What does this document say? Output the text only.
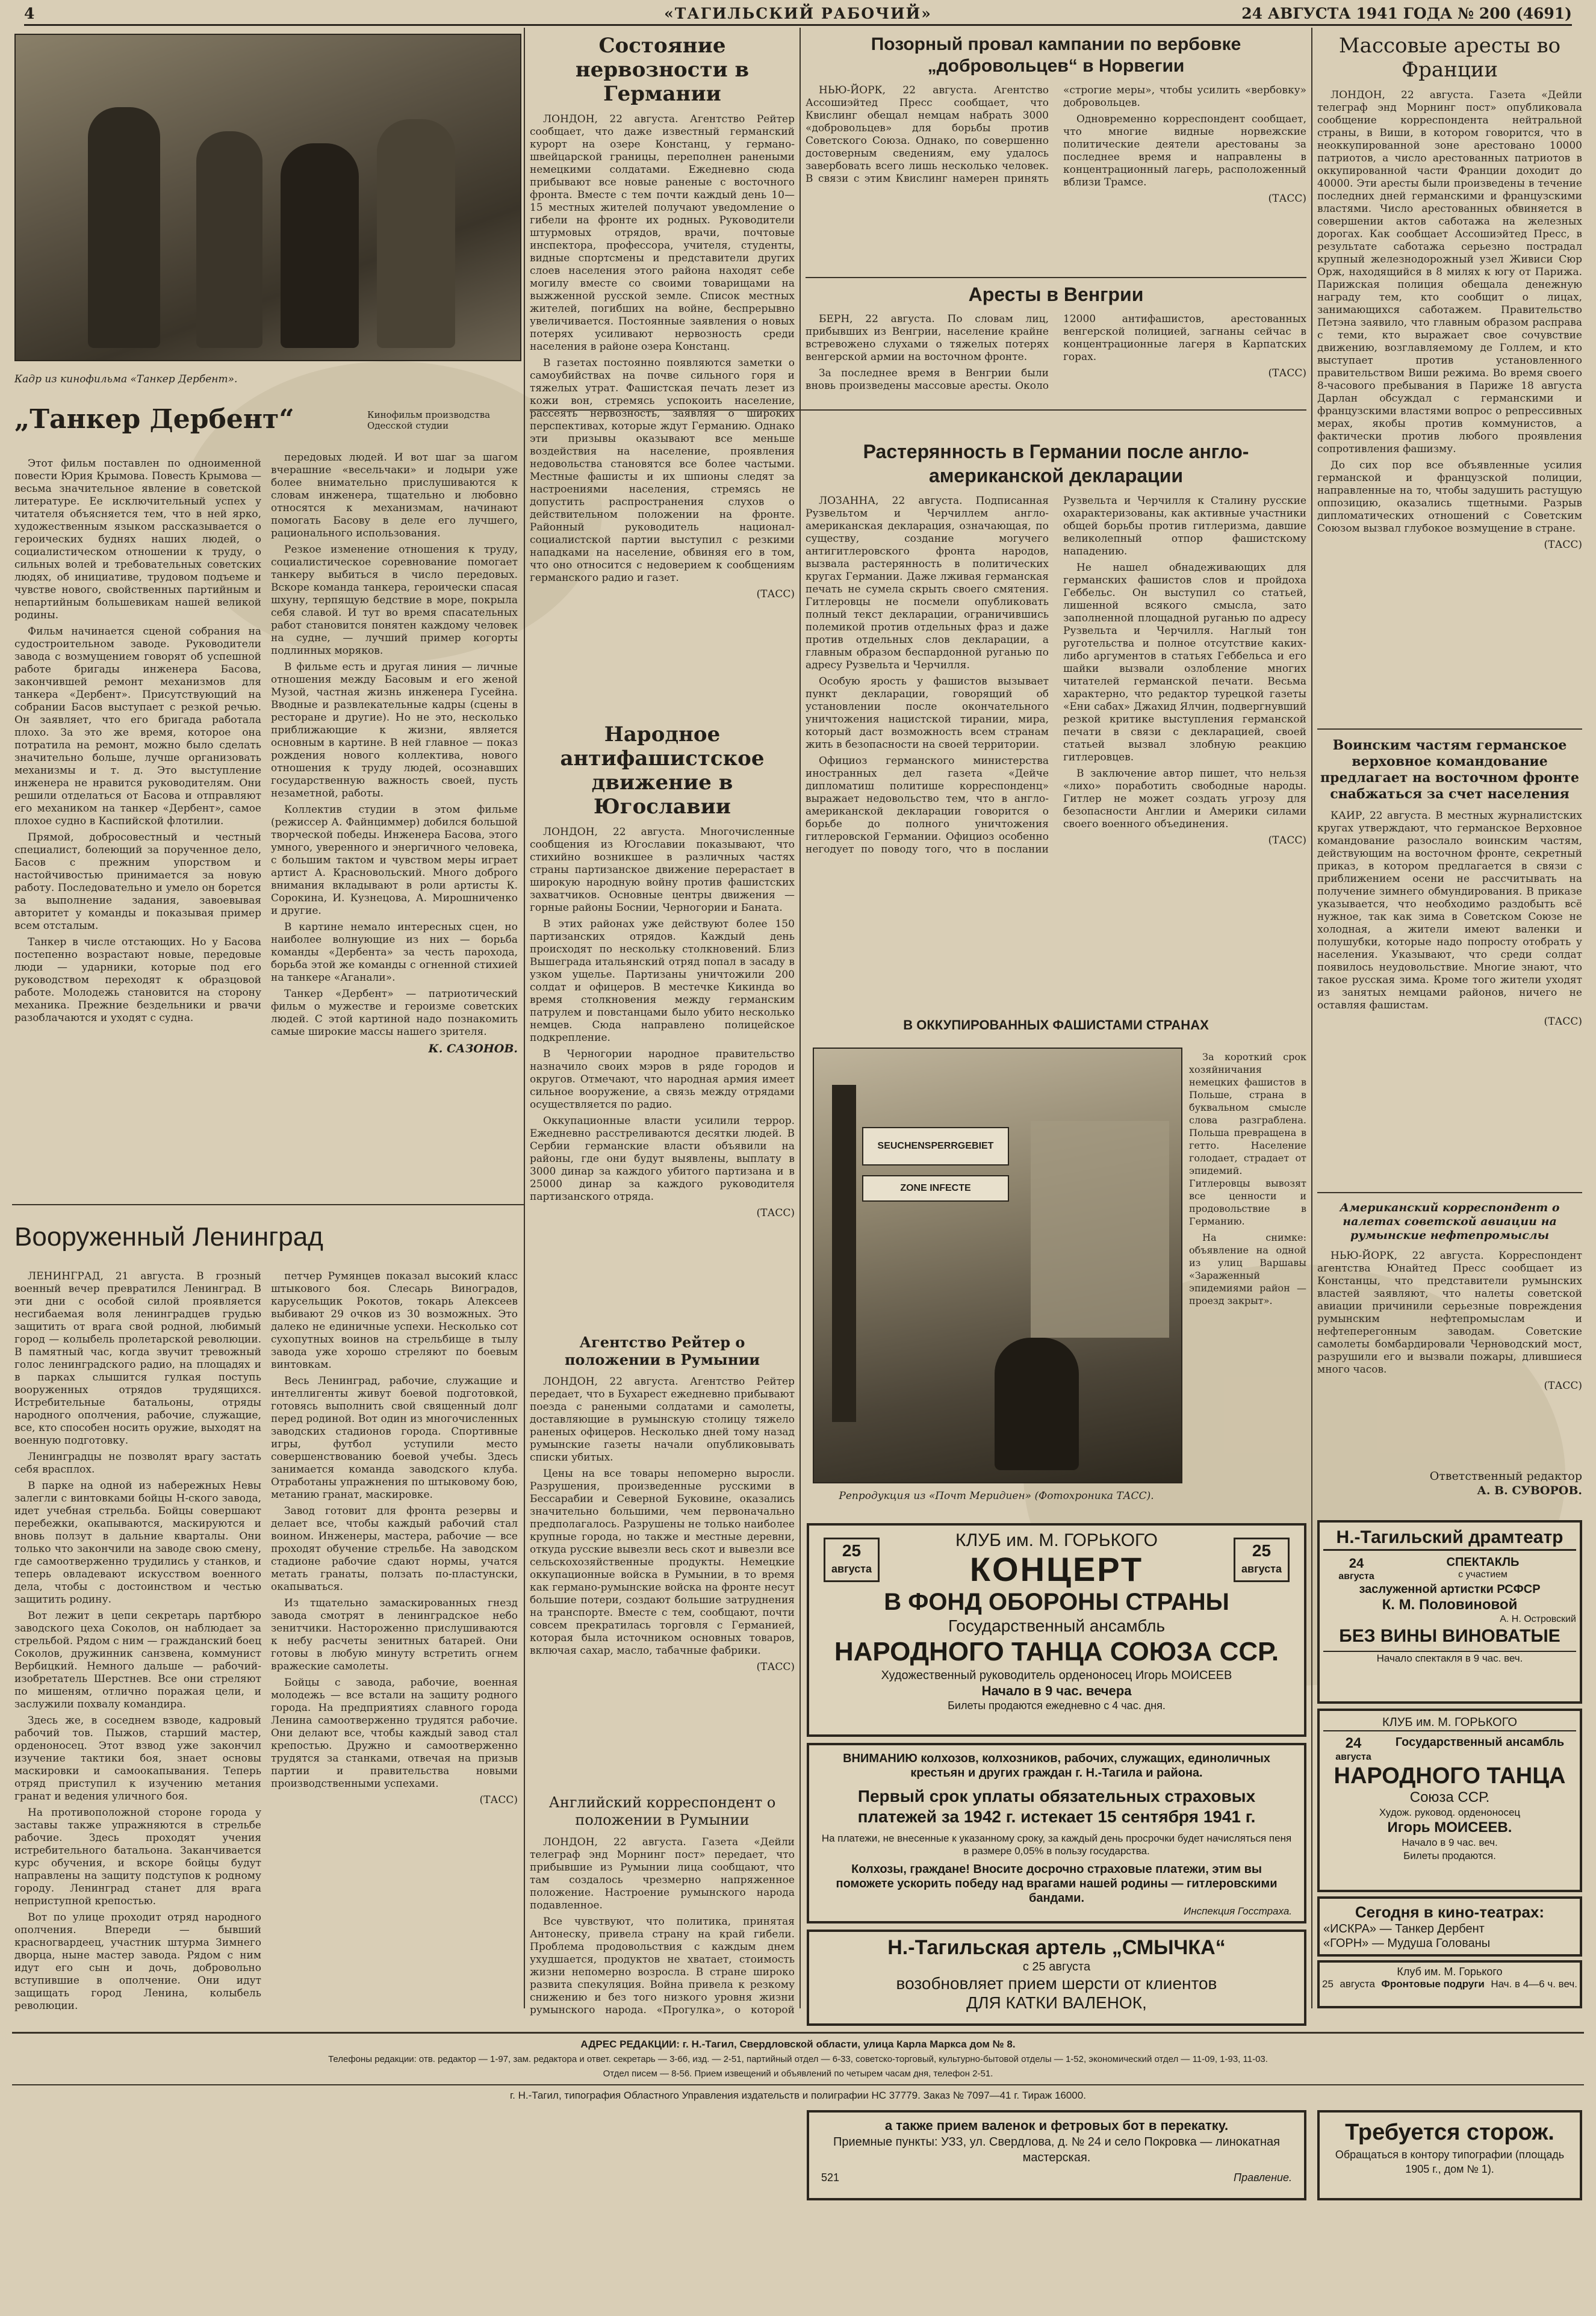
4	«ТАГИЛЬСКИЙ РАБОЧИЙ»	24 АВГУСТА 1941 ГОДА № 200 (4691)
Кадр из кинофильма «Танкер Дербент».
„Танкер Дербент“	Кинофильм производства Одесской студии

Этот фильм поставлен по одноименной повести Юрия Крымова. Повесть Крымова — весьма значительное явление в советской литературе. Ее исключительный успех у читателя объясняется тем, что в ней ярко, художественным языком рассказывается о героических буднях наших людей, о социалистическом отношении к труду, о сильных волей и требовательных советских людях, об инициативе, трудовом подъеме и чувстве нового, свойственных партийным и непартийным большевикам нашей великой родины.

Фильм начинается сценой собрания на судостроительном заводе. Руководители завода с возмущением говорят об успешной работе бригады инженера Басова, закончившей ремонт механизмов для танкера «Дербент». Присутствующий на собрании Басов выступает с резкой речью. Он заявляет, что его бригада работала плохо. За это же время, которое она потратила на ремонт, можно было сделать значительно больше, лучше организовать механизмы и т. д. Это выступление инженера не нравится руководителям. Они решили отделаться от Басова и отправляют его механиком на танкер «Дербент», самое плохое судно в Каспийской флотилии.

Прямой, добросовестный и честный специалист, болеющий за порученное дело, Басов с прежним упорством и настойчивостью принимается за новую работу. Последовательно и умело он борется за выполнение задания, завоевывая авторитет у команды и показывая пример всем отсталым.

Танкер в числе отстающих. Но у Басова постепенно возрастают новые, передовые люди — ударники, которые под его руководством переходят к образцовой работе. Молодежь становится на сторону механика. Прежние бездельники и рвачи разоблачаются и уходят с судна.

передовых людей. И вот шаг за шагом вчерашние «весельчаки» и лодыри уже более внимательно прислушиваются к словам инженера, тщательно и любовно относятся к механизмам, начинают помогать Басову в деле его лучшего, рационального использования.

Резкое изменение отношения к труду, социалистическое соревнование помогает танкеру выбиться в число передовых. Вскоре команда танкера, героически спасая шхуну, терпящую бедствие в море, покрыла себя славой. И тут во время спасательных работ становится понятен каждому человек на судне, — лучший пример когорты подлинных моряков.

В фильме есть и другая линия — личные отношения между Басовым и его женой Музой, частная жизнь инженера Гусейна. Вводные и развлекательные кадры (сцены в ресторане и другие). Но не это, несколько приближающие к жизни, является основным в картине. В ней главное — показ рождения нового коллектива, нового отношения к труду людей, осознавших государственную важность своей, пусть незаметной, работы.

Коллектив студии в этом фильме (режиссер А. Файнциммер) добился большой творческой победы. Инженера Басова, этого умного, уверенного и энергичного человека, с большим тактом и чувством меры играет артист А. Красновольский. Много доброго внимания вкладывают в роли артисты К. Сорокина, И. Кузнецова, А. Мирошниченко и другие.

В картине немало интересных сцен, но наиболее волнующие из них — борьба команды «Дербента» за честь парохода, борьба этой же команды с огненной стихией на танкере «Аганали».

Танкер «Дербент» — патриотический фильм о мужестве и героизме советских людей. С этой картиной надо познакомить самые широкие массы нашего зрителя.

К. САЗОНОВ.
Состояние нервозности в Германии

ЛОНДОН, 22 августа. Агентство Рейтер сообщает, что даже известный германский курорт на озере Констанц, у германо-швейцарской границы, переполнен ранеными немецкими солдатами. Ежедневно сюда прибывают все новые раненые с восточного фронта. Вместе с тем почти каждый день 10—15 местных жителей получают уведомление о гибели на фронте их родных. Руководители штурмовых отрядов, врачи, почтовые инспектора, профессора, учителя, студенты, видные спортсмены и представители других слоев населения этого района находят себе могилу вместе со своими товарищами на выжженной русской земле. Список местных жителей, погибших на войне, беспрерывно увеличивается. Постоянные заявления о новых потерях усиливают нервозность среди населения в районе озера Констанц.

В газетах постоянно появляются заметки о самоубийствах на почве сильного горя и тяжелых утрат. Фашистская печать лезет из кожи вон, стремясь успокоить население, рассеять нервозность, заявляя о широких перспективах, которые ждут Германию. Однако эти призывы оказывают все меньше воздействия на население, проявления недовольства становятся все более частыми. Местные фашисты и их шпионы следят за настроениями населения, стремясь не допустить распространения слухов о действительном положении на фронте. Районный руководитель национал-социалистской партии выступил с резкими нападками на население, обвиняя его в том, что оно относится с недоверием к сообщениям германского радио и газет.

(ТАСС)
Народное антифашистское движение в Югославии

ЛОНДОН, 22 августа. Многочисленные сообщения из Югославии показывают, что стихийно возникшее в различных частях страны партизанское движение перерастает в широкую народную войну против фашистских захватчиков. Основные центры движения — горные районы Боснии, Черногории и Баната.

В этих районах уже действуют более 150 партизанских отрядов. Каждый день происходят по нескольку столкновений. Близ Вышеграда итальянский отряд попал в засаду в узком ущелье. Партизаны уничтожили 200 солдат и офицеров. В местечке Кикинда во время столкновения между германским патрулем и повстанцами было убито несколько немцев. Сюда направлено полицейское подкрепление.

В Черногории народное правительство назначило своих мэров в ряде городов и округов. Отмечают, что народная армия имеет сильное вооружение, а связь между отрядами осуществляется по радио.

Оккупационные власти усилили террор. Ежедневно расстреливаются десятки людей. В Сербии германские власти объявили на районы, где они будут выявлены, выплату в 3000 динар за каждого убитого партизана и в 25000 динар за каждого руководителя партизанского отряда.

(ТАСС)
Агентство Рейтер о положении в Румынии

ЛОНДОН, 22 августа. Агентство Рейтер передает, что в Бухарест ежедневно прибывают поезда с ранеными солдатами и самолеты, доставляющие в румынскую столицу тяжело раненых офицеров. Несколько дней тому назад румынские газеты начали опубликовывать списки убитых.

Цены на все товары непомерно выросли. Разрушения, произведенные русскими в Бессарабии и Северной Буковине, оказались значительно большими, чем первоначально предполагалось. Разрушены не только наиболее крупные города, но также и местные деревни, откуда русские вывезли весь скот и вывезли все сельскохозяйственные продукты. Немецкие оккупационные войска в Румынии, в то время как германо-румынские войска на фронте несут большие потери, создают большие затруднения на транспорте. Вместе с тем, сообщают, почти совсем прекратилась торговля с Германией, которая была источником основных товаров, включая сахар, масло, табачные фабрики.

(ТАСС)
Английский корреспондент о положении в Румынии

ЛОНДОН, 22 августа. Газета «Дейли телеграф энд Морнинг пост» передает, что прибывшие из Румынии лица сообщают, что там создалось чрезмерно напряженное положение. Настроение румынского народа подавленное.

Все чувствуют, что политика, принятая Антонеску, привела страну на край гибели. Проблема продовольствия с каждым днем ухудшается, продуктов не хватает, стоимость жизни непомерно возросла. В стране широко развита спекуляция. Война привела к резкому снижению и без того низкого уровня жизни румынского народа. «Прогулка», о которой

Вооруженный Ленинград

ЛЕНИНГРАД, 21 августа. В грозный военный вечер превратился Ленинград. В эти дни с особой силой проявляется несгибаемая воля ленинградцев грудью защитить от врага свой родной, любимый город — колыбель пролетарской революции. В памятный час, когда звучит тревожный голос ленинградского радио, на площадях и в парках слышится гулкая поступь вооруженных отрядов трудящихся. Истребительные батальоны, отряды народного ополчения, рабочие, служащие, все, кто способен носить оружие, выходят на военную подготовку.

Ленинградцы не позволят врагу застать себя врасплох.

В парке на одной из набережных Невы залегли с винтовками бойцы Н-ского завода, идет учебная стрельба. Бойцы совершают перебежки, окапываются, маскируются и вновь ползут в дальние кварталы. Они только что закончили на заводе свою смену, где самоотверженно трудились у станков, и теперь овладевают искусством военного дела, чтобы с достоинством и честью защитить родину.

Вот лежит в цепи секретарь партбюро заводского цеха Соколов, он наблюдает за стрельбой. Рядом с ним — гражданский боец Соколов, дружинник санзвена, коммунист Вербицкий. Немного дальше — рабочий-изобретатель Шерстнев. Все они стреляют по мишеням, отлично поражая цели, и заслужили похвалу командира.

Здесь же, в соседнем взводе, кадровый рабочий тов. Пыжов, старший мастер, орденоносец. Этот взвод уже закончил изучение тактики боя, знает основы маскировки и самоокапывания. Теперь отряд приступил к изучению метания гранат и ведения уличного боя.

На противоположной стороне города у заставы также упражняются в стрельбе рабочие. Здесь проходят учения истребительного батальона. Заканчивается курс обучения, и вскоре бойцы будут направлены на защиту подступов к родному городу. Ленинград станет для врага неприступной крепостью.

Вот по улице проходит отряд народного ополчения. Впереди — бывший красногвардеец, участник штурма Зимнего дворца, ныне мастер завода. Рядом с ним идут его сын и дочь, добровольно вступившие в ополчение. Они идут защищать город Ленина, колыбель революции.

петчер Румянцев показал высокий класс штыкового боя. Слесарь Виноградов, карусельщик Рокотов, токарь Алексеев выбивают 29 очков из 30 возможных. Это далеко не единичные успехи. Несколько сот сухопутных воинов на стрельбище в тылу завода уже хорошо стреляют по боевым винтовкам.

Весь Ленинград, рабочие, служащие и интеллигенты живут боевой подготовкой, готовясь выполнить свой священный долг перед родиной. Вот один из многочисленных заводских стадионов города. Спортивные игры, футбол уступили место совершенствованию боевой учебы. Здесь занимается команда заводского клуба. Отработаны упражнения по штыковому бою, метанию гранат, маскировке.

Завод готовит для фронта резервы и делает все, чтобы каждый рабочий стал воином. Инженеры, мастера, рабочие — все проходят обучение стрельбе. На заводском стадионе рабочие сдают нормы, учатся метать гранаты, ползать по-пластунски, окапываться.

Из тщательно замаскированных гнезд завода смотрят в ленинградское небо зенитчики. Настороженно прислушиваются к небу расчеты зенитных батарей. Они готовы в любую минуту встретить огнем вражеские самолеты.

Бойцы с завода, рабочие, военная молодежь — все встали на защиту родного города. На предприятиях славного города Ленина самоотверженно трудятся рабочие. Они делают все, чтобы каждый завод стал крепостью. Дружно и самоотверженно трудятся за станками, отвечая на призыв партии и правительства новыми производственными успехами.

(ТАСС)
Позорный провал кампании по вербовке „добровольцев“ в Норвегии

НЬЮ-ЙОРК, 22 августа. Агентство Ассошиэйтед Пресс сообщает, что Квислинг обещал немцам набрать 3000 «добровольцев» для борьбы против Советского Союза. Однако, по совершенно достоверным сведениям, ему удалось завербовать всего лишь несколько человек. В связи с этим Квислинг намерен принять «строгие меры», чтобы усилить «вербовку» добровольцев.

Одновременно корреспондент сообщает, что многие видные норвежские политические деятели арестованы за последнее время и направлены в концентрационный лагерь, расположенный вблизи Трамсе.

(ТАСС)
Аресты в Венгрии

БЕРН, 22 августа. По словам лиц, прибывших из Венгрии, население крайне встревожено слухами о тяжелых потерях венгерской армии на восточном фронте.

За последнее время в Венгрии были вновь произведены массовые аресты. Около 12000 антифашистов, арестованных венгерской полицией, загнаны сейчас в концентрационные лагеря в Карпатских горах.

(ТАСС)
Растерянность в Германии после англо-американской декларации

ЛОЗАННА, 22 августа. Подписанная Рузвельтом и Черчиллем англо-американская декларация, означающая, по существу, создание могучего антигитлеровского фронта народов, вызвала растерянность в политических кругах Германии. Даже лживая германская печать не сумела скрыть своего смятения. Гитлеровцы не посмели опубликовать полный текст декларации, ограничившись полемикой против отдельных фраз и даже против отдельных слов декларации, а главным образом беспардонной руганью по адресу Рузвельта и Черчилля.

Особую ярость у фашистов вызывает пункт декларации, говорящий об установлении после окончательного уничтожения нацистской тирании, мира, который даст возможность всем странам жить в безопасности на своей территории.

Официоз германского министерства иностранных дел газета «Дейче дипломатиш политише корреспонденц» выражает недовольство тем, что в англо-американской декларации говорится о борьбе до полного уничтожения гитлеровской Германии. Официоз особенно негодует по поводу того, что в послании Рузвельта и Черчилля к Сталину русские охарактеризованы, как активные участники общей борьбы против гитлеризма, давшие великолепный отпор фашистскому нападению.

Не нашел обнадеживающих для германских фашистов слов и пройдоха Геббельс. Он выступил со статьей, лишенной всякого смысла, зато заполненной площадной руганью по адресу Рузвельта и Черчилля. Наглый тон руготельства и полное отсутствие каких-либо аргументов в статьях Геббельса и его шайки вызвали озлобление многих читателей германской печати. Весьма характерно, что редактор турецкой газеты «Ени сабах» Джахид Ялчин, подвергнувший резкой критике выступления германской печати в связи с декларацией, своей статьей вызвал злобную реакцию гитлеровцев.

В заключение автор пишет, что нельзя «лихо» поработить свободные народы. Гитлер не может создать угрозу для безопасности Англии и Америки силами своего военного объединения.

(ТАСС)
В ОККУПИРОВАННЫХ ФАШИСТАМИ СТРАНАХ
SEUCHENSPERRGEBIET
ZONE INFECTE
Репродукция из «Почт Меридиен» (Фотохроника ТАСС).

За короткий срок хозяйничания немецких фашистов в Польше, страна в буквальном смысле слова разграблена. Польша превращена в гетто. Население голодает, страдает от эпидемий. Гитлеровцы вывозят все ценности и продовольствие в Германию.

На снимке: объявление на одной из улиц Варшавы «Зараженный эпидемиями район — проезд закрыт».

25
августа
25
августа

КЛУБ им. М. ГОРЬКОГО

КОНЦЕРТ

В ФОНД ОБОРОНЫ СТРАНЫ

Государственный ансамбль

НАРОДНОГО ТАНЦА СОЮЗА ССР.

Художественный руководитель орденоносец Игорь МОИСЕЕВ

Начало в 9 час. вечера

Билеты продаются ежедневно с 4 час. дня.

ВНИМАНИЮ колхозов, колхозников, рабочих, служащих, единоличных крестьян и других граждан г. Н.-Тагила и района.

Первый срок уплаты обязательных страховых платежей за 1942 г. истекает 15 сентября 1941 г.

На платежи, не внесенные к указанному сроку, за каждый день просрочки будет начисляться пеня в размере 0,05% в пользу государства.

Колхозы, граждане! Вносите досрочно страховые платежи, этим вы поможете ускорить победу над врагами нашей родины — гитлеровскими бандами.

Инспекция Госстраха.

Н.-Тагильская артель „СМЫЧКА“

с 25 августа

возобновляет прием шерсти от клиентов

ДЛЯ КАТКИ ВАЛЕНОК,

Массовые аресты во Франции

ЛОНДОН, 22 августа. Газета «Дейли телеграф энд Морнинг пост» опубликовала сообщение корреспондента нейтральной страны, в Виши, в котором говорится, что в неоккупированной зоне арестовано 10000 патриотов, а число арестованных патриотов в оккупированной части Франции доходит до 40000. Эти аресты были произведены в течение последних дней германскими и французскими властями. Число арестованных обвиняется в совершении актов саботажа на железных дорогах. Как сообщает Ассошиэйтед Пресс, в результате саботажа серьезно пострадал крупный железнодорожный узел Живиси Сюр Орж, находящийся в 8 милях к югу от Парижа. Парижская полиция обещала денежную награду тем, кто сообщит о лицах, занимающихся саботажем. Правительство Петэна заявило, что главным образом расправа с теми, кто выражает свое сочувствие движению, возглавляемому де Голлем, и кто выступает против установленного правительством Виши режима. Во время своего 8-часового пребывания в Париже 18 августа Дарлан обсуждал с германскими и французскими властями вопрос о репрессивных мерах, якобы против коммунистов, а фактически против любого проявления сопротивления фашизму.

До сих пор все объявленные усилия германской и французской полиции, направленные на то, чтобы задушить растущую оппозицию, оказались тщетными. Разрыв дипломатических отношений с Советским Союзом вызвал глубокое возмущение в стране.

(ТАСС)
Воинским частям германское верховное командование предлагает на восточном фронте снабжаться за счет населения

КАИР, 22 августа. В местных журналистских кругах утверждают, что германское Верховное командование разослало воинским частям, действующим на восточном фронте, секретный приказ, в котором предлагается в связи с приближением осени не рассчитывать на получение зимнего обмундирования. В приказе указывается, что необходимо раздобыть всё нужное, так как зима в Советском Союзе не холодная, а жители имеют валенки и полушубки, которые надо попросту отобрать у населения. Указывают, что среди солдат появилось неудовольствие. Многие знают, что такое русская зима. Кроме того жители уходят из занятых немцами районов, ничего не оставляя фашистам.

(ТАСС)
Американский корреспондент о налетах советской авиации на румынские нефтепромыслы

НЬЮ-ЙОРК, 22 августа. Корреспондент агентства Юнайтед Пресс сообщает из Констанцы, что представители румынских властей заявляют, что налеты советской авиации причинили серьезные повреждения румынским нефтепромыслам и нефтеперегонным заводам. Советские самолеты бомбардировали Черноводский мост, разрушили его и вызвали пожары, длившиеся много часов.

(ТАСС)
Ответственный редактор
А. В. СУВОРОВ.

Н.-Тагильский драмтеатр

24
августа

СПЕКТАКЛЬ

с участием

заслуженной артистки РСФСР

К. М. Половиновой

А. Н. Островский

БЕЗ ВИНЫ ВИНОВАТЫЕ

Начало спектакля в 9 час. веч.

КЛУБ им. М. ГОРЬКОГО

24
августа

Государственный ансамбль

НАРОДНОГО ТАНЦА

Союза ССР.

Худож. руковод. орденоносец

Игорь МОИСЕЕВ.

Начало в 9 час. веч.

Билеты продаются.

Сегодня в кино-театрах:

«ИСКРА» — Танкер Дербент

«ГОРН» — Мудуша Голованы

Клуб им. М. Горького

25 августа Фронтовые подруги Нач. в 4—6 ч. веч.
АДРЕС РЕДАКЦИИ: г. Н.-Тагил, Свердловской области, улица Карла Маркса дом № 8.
Телефоны редакции: отв. редактор — 1-97, зам. редактора и ответ. секретарь — 3-66, изд. — 2-51, партийный отдел — 6-33, советско-торговый, культурно-бытовой отделы — 1-52, экономический отдел — 11-09, 1-93, 11-03.
Отдел писем — 8-56. Прием извещений и объявлений по четырем часам дня, телефон 2-51.
г. Н.-Тагил, типография Областного Управления издательств и полиграфии НС 37779. Заказ № 7097—41 г. Тираж 16000.

а также прием валенок и фетровых бот в перекатку.

Приемные пункты: УЗЗ, ул. Свердлова, д. № 24 и село Покровка — линокатная мастерская.

521	Правление.

Требуется сторож.

Обращаться в контору типографии (площадь 1905 г., дом № 1).
